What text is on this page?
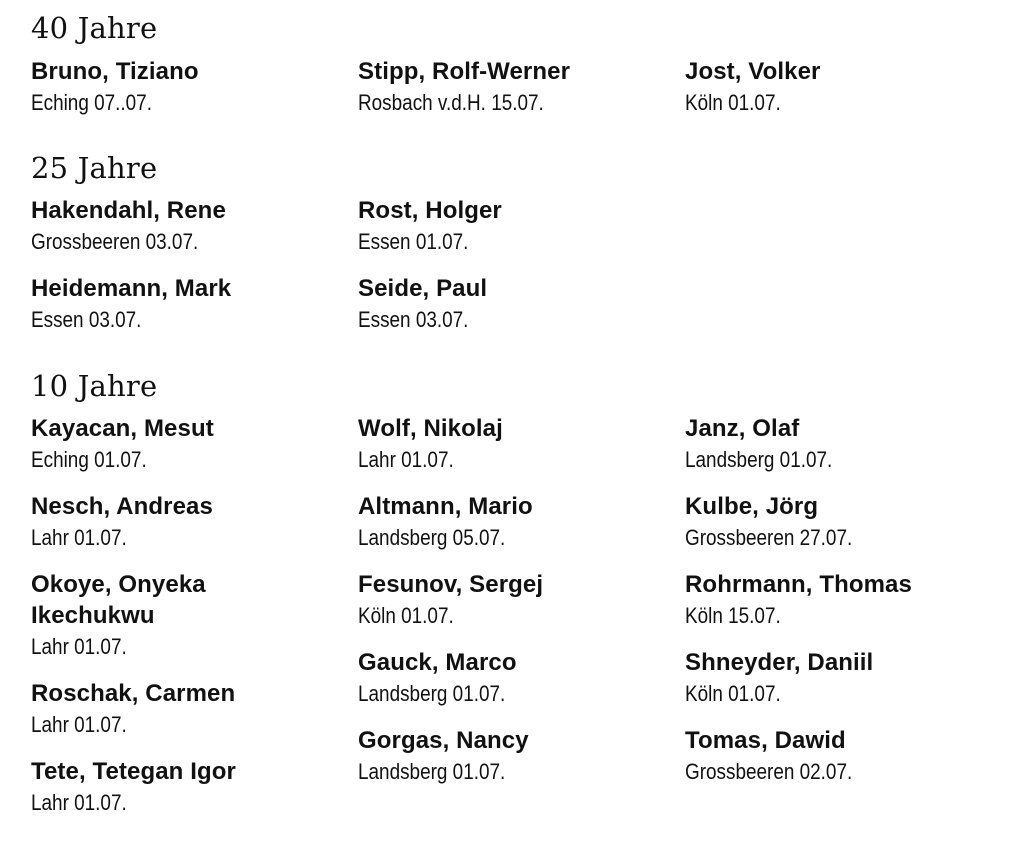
40 Jahre
Bruno, Tiziano
Eching 07..07.
Stipp, Rolf-Werner
Rosbach v.d.H. 15.07.
Jost, Volker
Köln 01.07.
25 Jahre
Hakendahl, Rene
Grossbeeren 03.07.
Heidemann, Mark
Essen 03.07.
Rost, Holger
Essen 01.07.
Seide, Paul
Essen 03.07.
10 Jahre
Kayacan, Mesut
Eching 01.07.
Nesch, Andreas
Lahr 01.07.
Okoye, Onyeka Ikechukwu
Lahr 01.07.
Roschak, Carmen
Lahr 01.07.
Tete, Tetegan Igor
Lahr 01.07.
Wolf, Nikolaj
Lahr 01.07.
Altmann, Mario
Landsberg 05.07.
Fesunov, Sergej
Köln 01.07.
Gauck, Marco
Landsberg 01.07.
Gorgas, Nancy
Landsberg 01.07.
Janz, Olaf
Landsberg 01.07.
Kulbe, Jörg
Grossbeeren 27.07.
Rohrmann, Thomas
Köln 15.07.
Shneyder, Daniil
Köln 01.07.
Tomas, Dawid
Grossbeeren 02.07.
